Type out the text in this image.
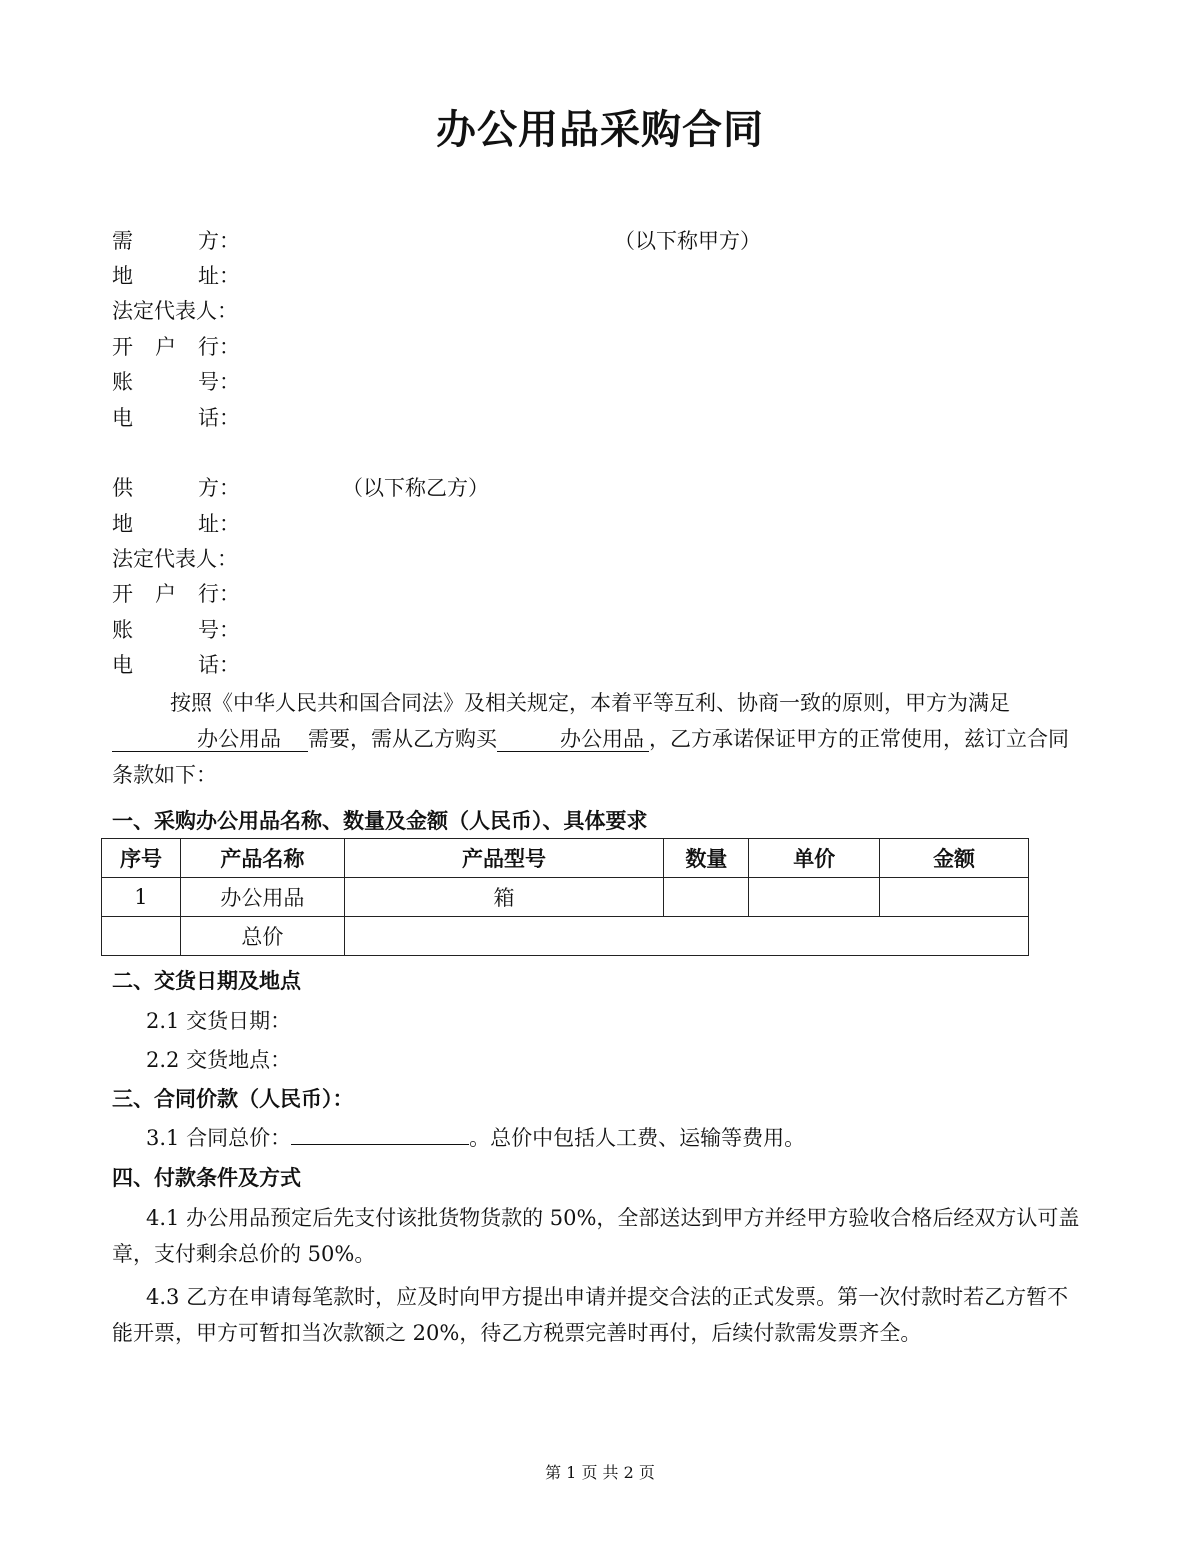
办公用品采购合同
需	方：	（以下称甲方）
地	址：
法定代表人：
开 户 行：
账	号：
电	话：
供	方：	（以下称乙方）
地	址：
法定代表人：
开 户 行：
账	号：
电	话：
按照《中华人民共和国合同法》及相关规定，本着平等互利、协商一致的原则，甲方为满足办公用品 需要，需从乙方购买	办公用品 ，乙方承诺保证甲方的正常使用，兹订立合同条款如下：
一、采购办公用品名称、数量及金额（人民币）、具体要求
序号	产品名称	产品型号	数量	单价	金额
1	办公用品	箱			
	总价				
二、交货日期及地点
2.1 交货日期：
2.2 交货地点：
三、合同价款（人民币）：
3.1 合同总价：	。总价中包括人工费、运输等费用。
四、付款条件及方式
4.1 办公用品预定后先支付该批货物货款的 50%，全部送达到甲方并经甲方验收合格后经双方认可盖章，支付剩余总价的 50%。
4.3 乙方在申请每笔款时，应及时向甲方提出申请并提交合法的正式发票。第一次付款时若乙方暂不能开票，甲方可暂扣当次款额之 20%，待乙方税票完善时再付，后续付款需发票齐全。
第 1 页 共 2 页
